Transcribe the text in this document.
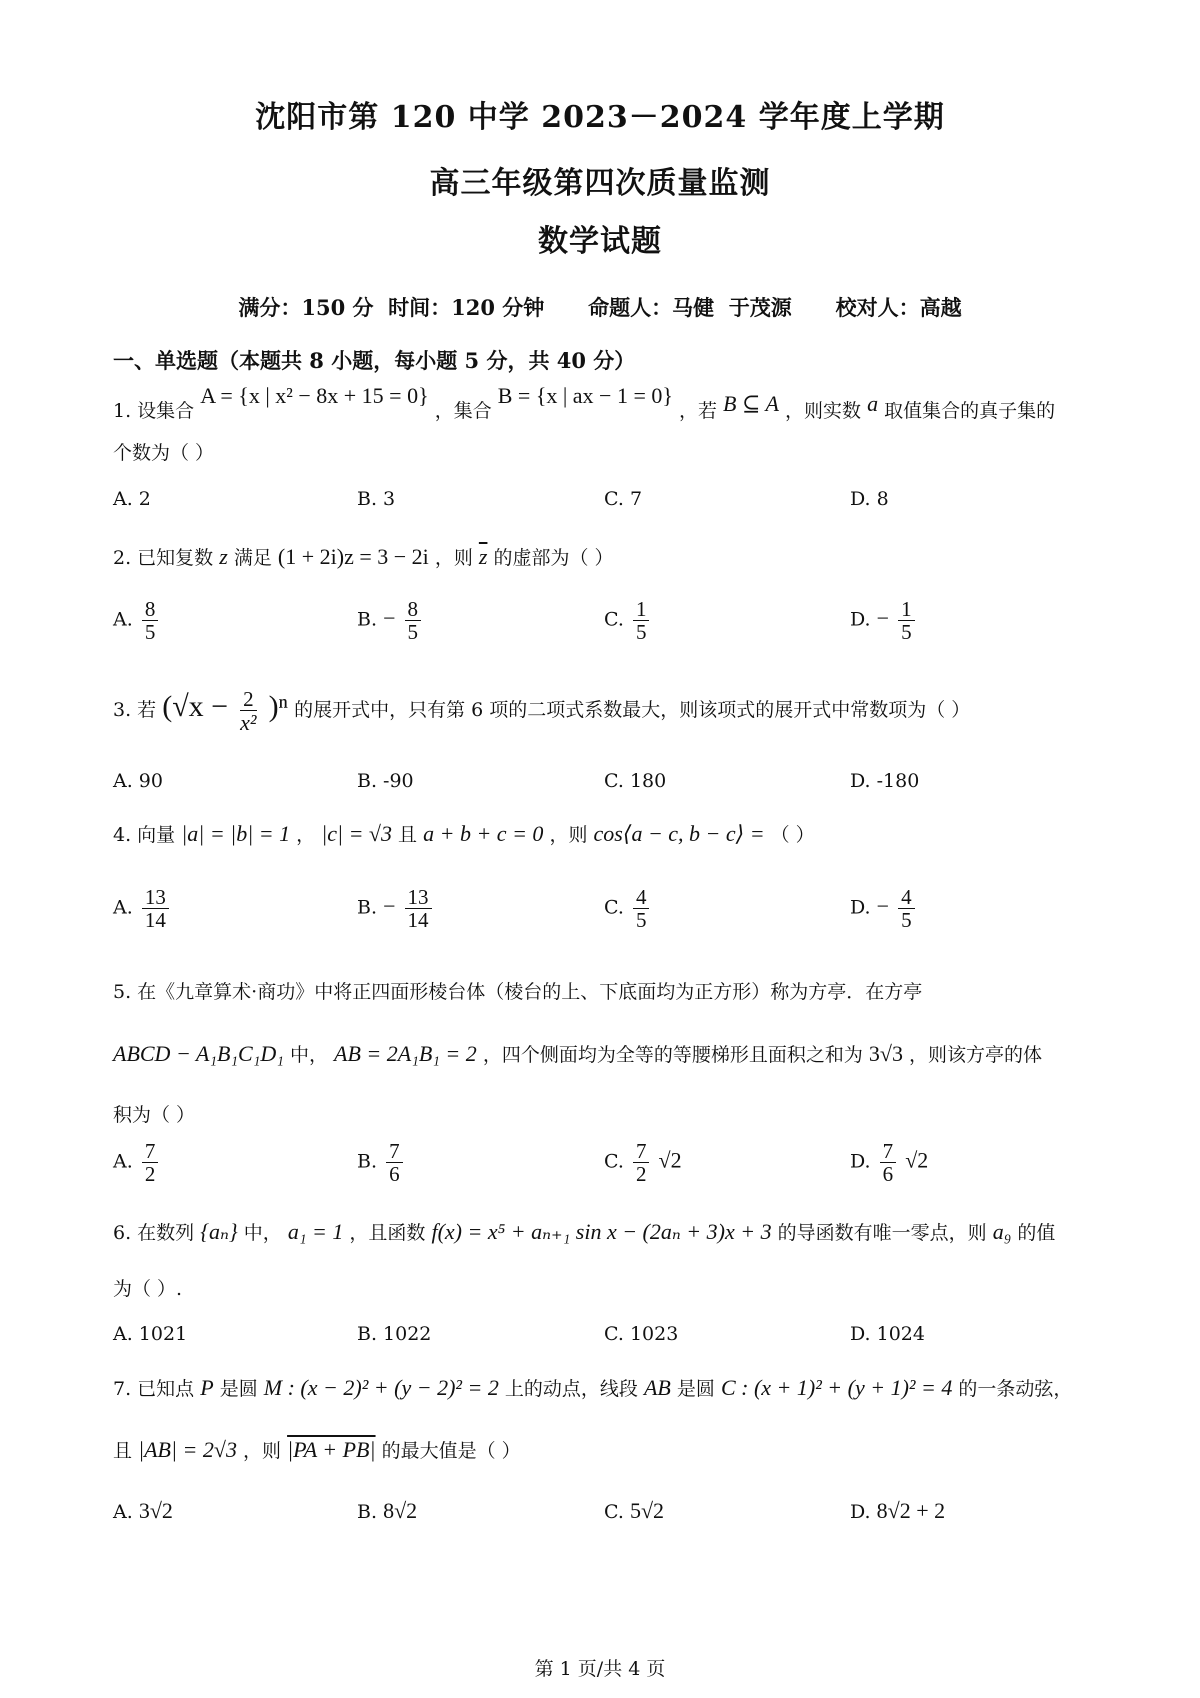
沈阳市第 120 中学 2023－2024 学年度上学期
高三年级第四次质量监测
数学试题
满分：150 分  时间：120 分钟      命题人：马健  于茂源      校对人：高越
一、单选题（本题共 8 小题，每小题 5 分，共 40 分）
1. 设集合 A = {x | x² − 8x + 15 = 0} ，集合 B = {x | ax − 1 = 0} ，若 B ⊆ A ，则实数 a 取值集合的真子集的
个数为（ ）
A. 2	B. 3	C. 7	D. 8
2. 已知复数 z 满足 (1 + 2i)z = 3 − 2i ，则 $\overline{z}$ 的虚部为（ ）
A. $\frac{8}{5}$	B. − $\frac{8}{5}$	C. $\frac{1}{5}$	D. − $\frac{1}{5}$
3. 若 $(√x - \frac{2}{\text{x²}} )^n$ 的展开式中，只有第 6 项的二项式系数最大，则该项式的展开式中常数项为（ ）
A. 90	B. -90	C. 180	D. -180
4. 向量 |a| = |b| = 1 ， |c| = √3 且 a + b + c = 0 ，则 cos⟨a − c, b − c⟩ = （ ）
A. $\frac{13}{14}$	B. − $\frac{13}{14}$	C. $\frac{4}{5}$	D. − $\frac{4}{5}$
5. 在《九章算术·商功》中将正四面形棱台体（棱台的上、下底面均为正方形）称为方亭．在方亭
ABCD − A₁B₁C₁D₁ 中， AB = 2A₁B₁ = 2 ，四个侧面均为全等的等腰梯形且面积之和为 3√3 ，则该方亭的体
积为（ ）
A. $\frac{7}{2}$	B. $\frac{7}{6}$	C. $\frac{7}{2} √2$	D. $\frac{7}{6} √2$
6. 在数列 {aₙ} 中， a₁ = 1 ，且函数 f(x) = x⁵ + aₙ₊₁ sin x − (2aₙ + 3)x + 3 的导函数有唯一零点，则 a₉ 的值
为（ ）.
A. 1021	B. 1022	C. 1023	D. 1024
7. 已知点 P 是圆 M : (x − 2)² + (y − 2)² = 2 上的动点，线段 AB 是圆 C : (x + 1)² + (y + 1)² = 4 的一条动弦，
且 |AB| = 2√3 ，则 |PA + PB| 的最大值是（ ）
A. 3√2	B. 8√2	C. 5√2	D. 8√2 + 2
第 1 页/共 4 页
